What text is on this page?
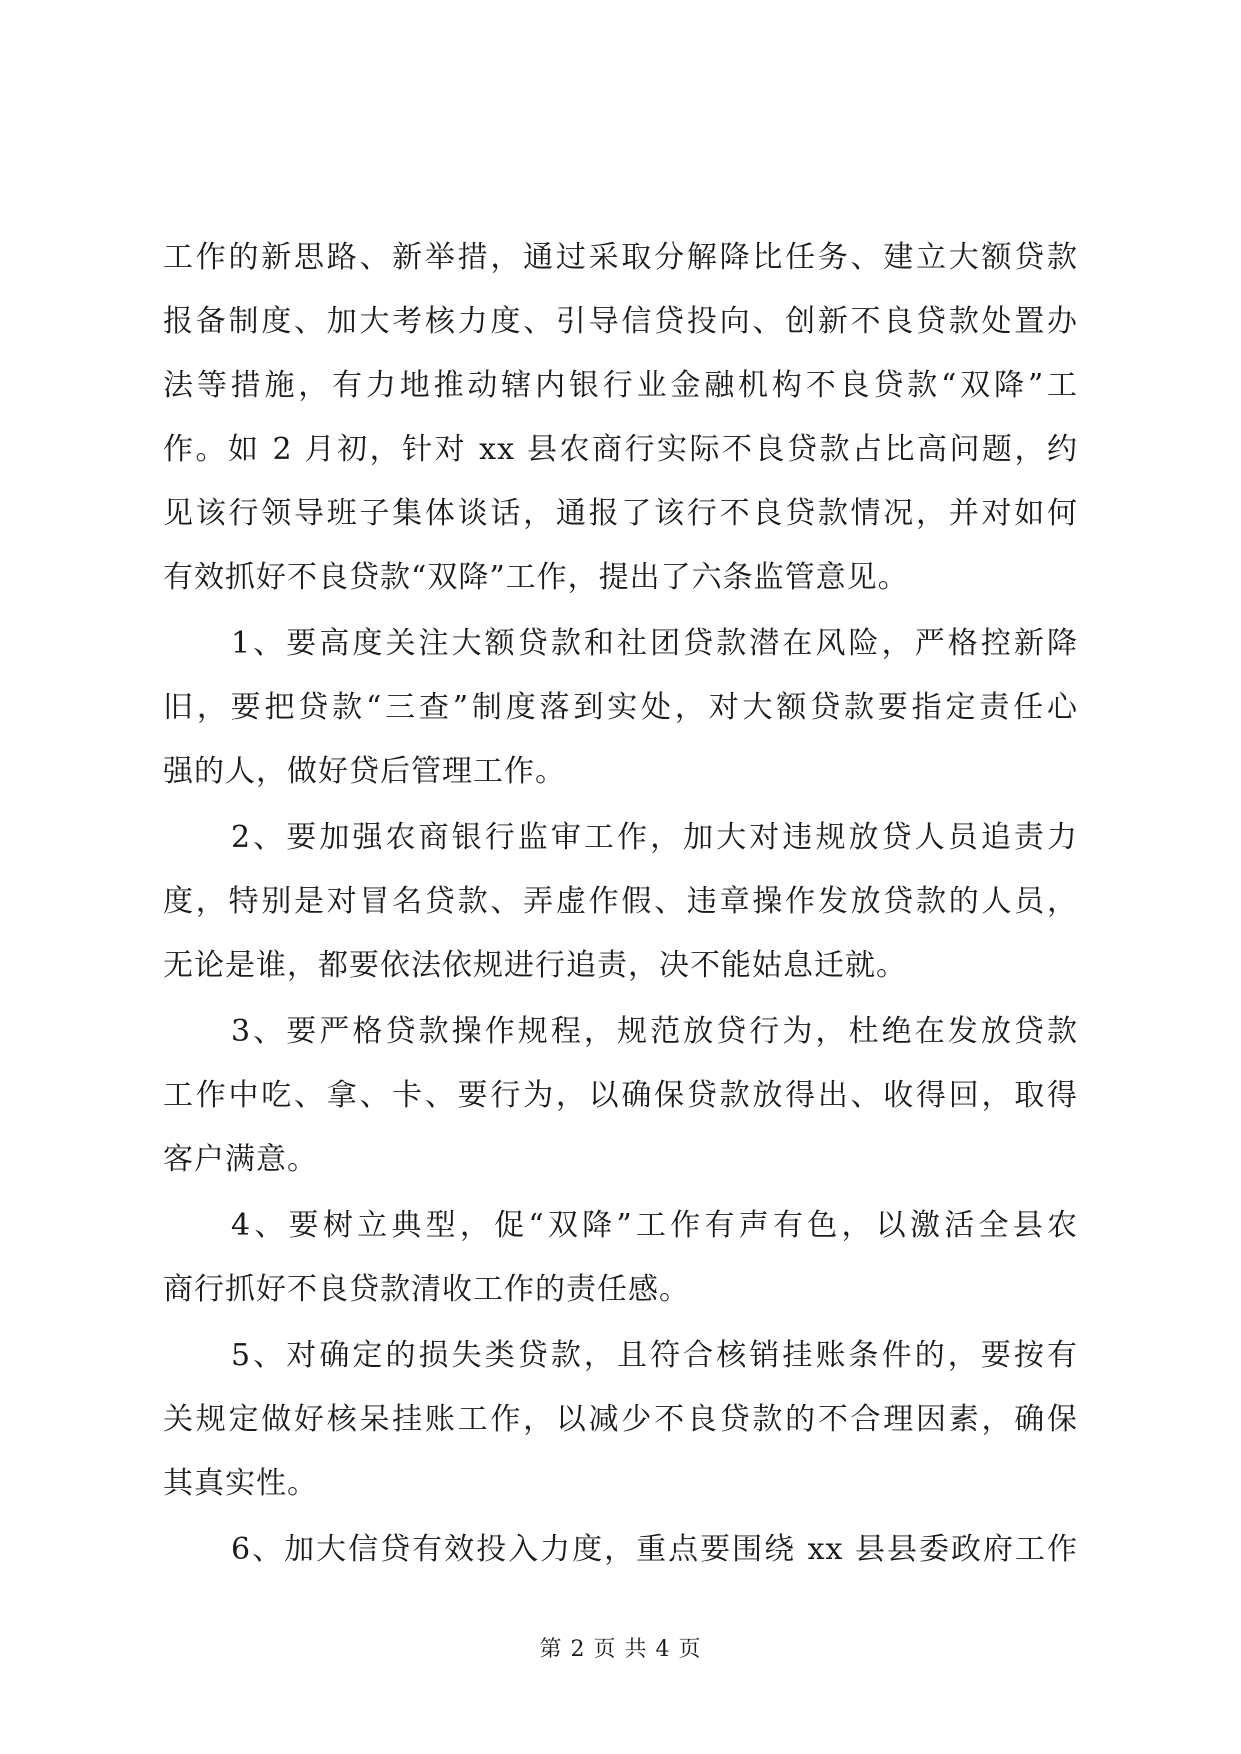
工作的新思路、新举措，通过采取分解降比任务、建立大额贷款
报备制度、加大考核力度、引导信贷投向、创新不良贷款处置办
法等措施，有力地推动辖内银行业金融机构不良贷款“双降”工
作。如 2 月初，针对 xx 县农商行实际不良贷款占比高问题，约
见该行领导班子集体谈话，通报了该行不良贷款情况，并对如何
有效抓好不良贷款“双降”工作，提出了六条监管意见。
1、要高度关注大额贷款和社团贷款潜在风险，严格控新降
旧，要把贷款“三查”制度落到实处，对大额贷款要指定责任心
强的人，做好贷后管理工作。
2、要加强农商银行监审工作，加大对违规放贷人员追责力
度，特别是对冒名贷款、弄虚作假、违章操作发放贷款的人员，
无论是谁，都要依法依规进行追责，决不能姑息迁就。
3、要严格贷款操作规程，规范放贷行为，杜绝在发放贷款
工作中吃、拿、卡、要行为，以确保贷款放得出、收得回，取得
客户满意。
4、要树立典型，促“双降”工作有声有色，以激活全县农
商行抓好不良贷款清收工作的责任感。
5、对确定的损失类贷款，且符合核销挂账条件的，要按有
关规定做好核呆挂账工作，以减少不良贷款的不合理因素，确保
其真实性。
6、加大信贷有效投入力度，重点要围绕 xx 县县委政府工作
第 2 页 共 4 页
